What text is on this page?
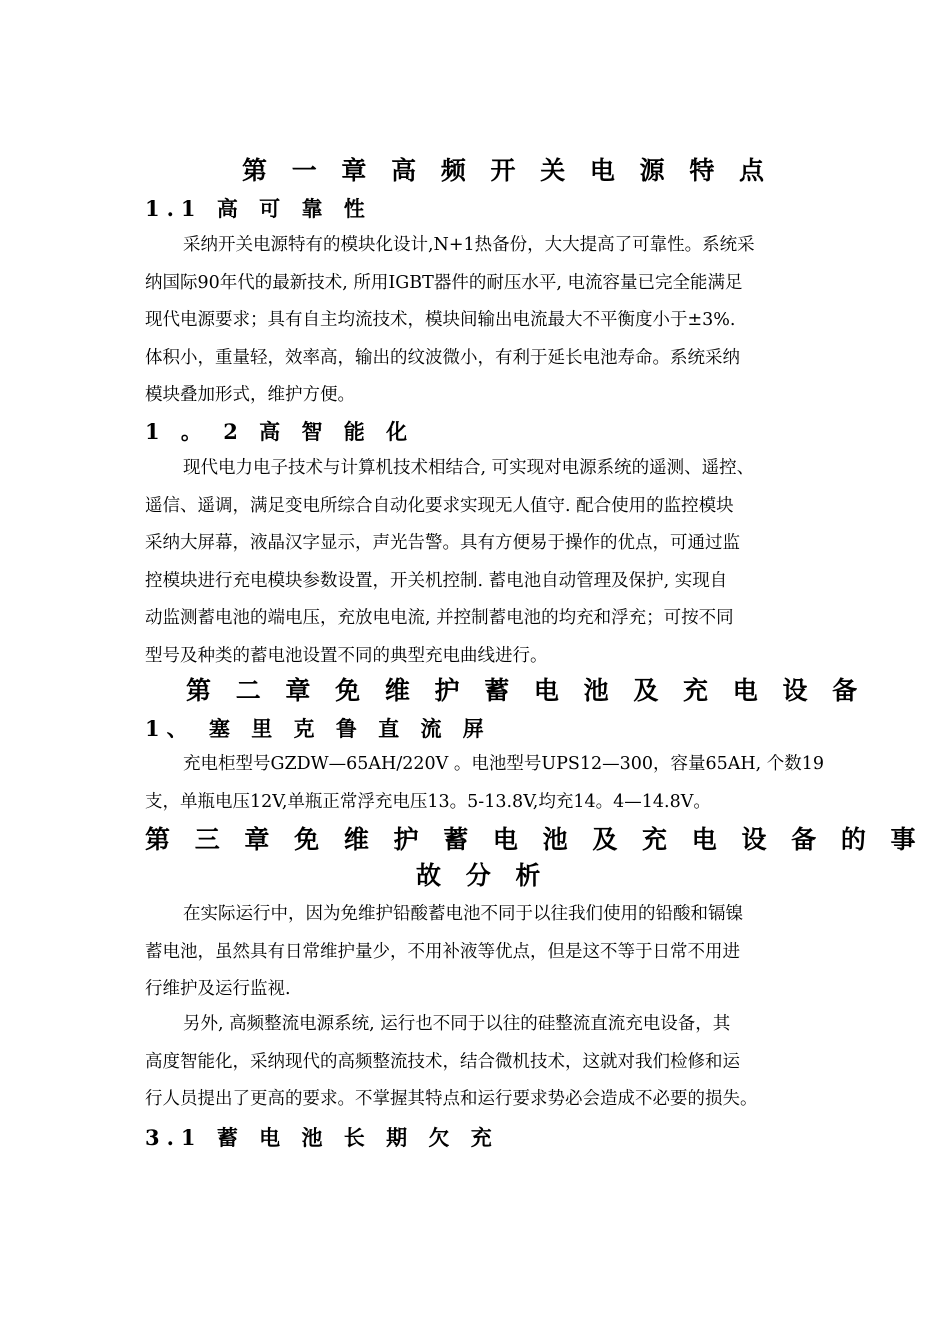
第 一 章 高 频 开 关 电 源 特 点
1.1 高 可 靠 性
采纳开关电源特有的模块化设计,N+1热备份，大大提高了可靠性。系统采
纳国际90年代的最新技术, 所用IGBT器件的耐压水平, 电流容量已完全能满足
现代电源要求；具有自主均流技术，模块间输出电流最大不平衡度小于±3%.
体积小，重量轻，效率高，输出的纹波微小，有利于延长电池寿命。系统采纳
模块叠加形式，维护方便。
1 。 2 高 智 能 化
现代电力电子技术与计算机技术相结合, 可实现对电源系统的遥测、遥控、
遥信、遥调，满足变电所综合自动化要求实现无人值守. 配合使用的监控模块
采纳大屏幕，液晶汉字显示，声光告警。具有方便易于操作的优点，可通过监
控模块进行充电模块参数设置，开关机控制. 蓄电池自动管理及保护, 实现自
动监测蓄电池的端电压，充放电电流, 并控制蓄电池的均充和浮充；可按不同
型号及种类的蓄电池设置不同的典型充电曲线进行。
第 二 章 免 维 护 蓄 电 池 及 充 电 设 备
1、 塞 里 克 鲁 直 流 屏
充电柜型号GZDW—65AH/220V 。电池型号UPS12—300，容量65AH, 个数19
支，单瓶电压12V,单瓶正常浮充电压13。5-13.8V,均充14。4—14.8V。
第 三 章 免 维 护 蓄 电 池 及 充 电 设 备 的 事
故 分 析
在实际运行中，因为免维护铅酸蓄电池不同于以往我们使用的铅酸和镉镍
蓄电池，虽然具有日常维护量少，不用补液等优点，但是这不等于日常不用进
行维护及运行监视.
另外, 高频整流电源系统, 运行也不同于以往的硅整流直流充电设备，其
高度智能化，采纳现代的高频整流技术，结合微机技术，这就对我们检修和运
行人员提出了更高的要求。不掌握其特点和运行要求势必会造成不必要的损失。
3.1 蓄 电 池 长 期 欠 充
